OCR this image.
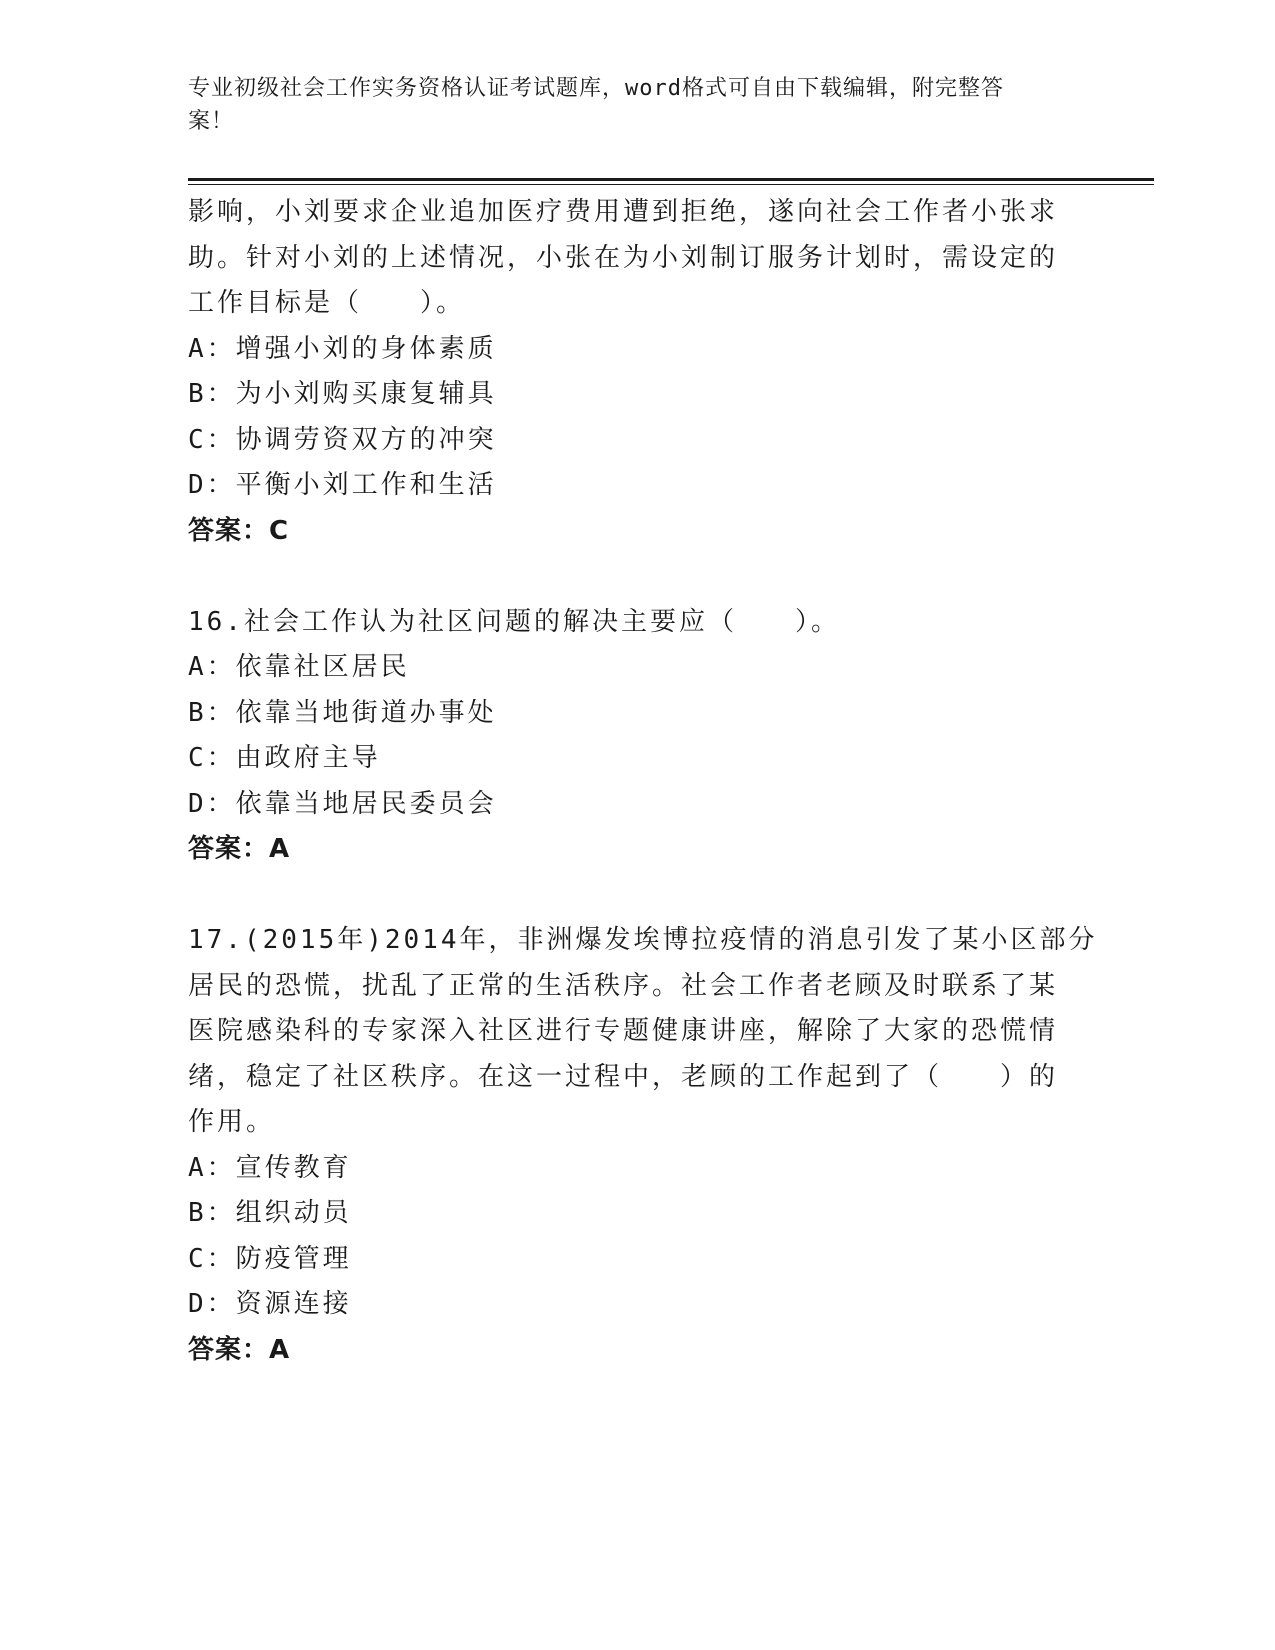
专业初级社会工作实务资格认证考试题库，word格式可自由下载编辑，附完整答
案！
影响，小刘要求企业追加医疗费用遭到拒绝，遂向社会工作者小张求
助。针对小刘的上述情况，小张在为小刘制订服务计划时，需设定的
工作目标是（　　）。
A：增强小刘的身体素质
B：为小刘购买康复辅具
C：协调劳资双方的冲突
D：平衡小刘工作和生活
答案：C
16.社会工作认为社区问题的解决主要应（　　）。
A：依靠社区居民
B：依靠当地街道办事处
C：由政府主导
D：依靠当地居民委员会
答案：A
17.(2015年)2014年，非洲爆发埃博拉疫情的消息引发了某小区部分
居民的恐慌，扰乱了正常的生活秩序。社会工作者老顾及时联系了某
医院感染科的专家深入社区进行专题健康讲座，解除了大家的恐慌情
绪，稳定了社区秩序。在这一过程中，老顾的工作起到了（　　）的
作用。
A：宣传教育
B：组织动员
C：防疫管理
D：资源连接
答案：A
